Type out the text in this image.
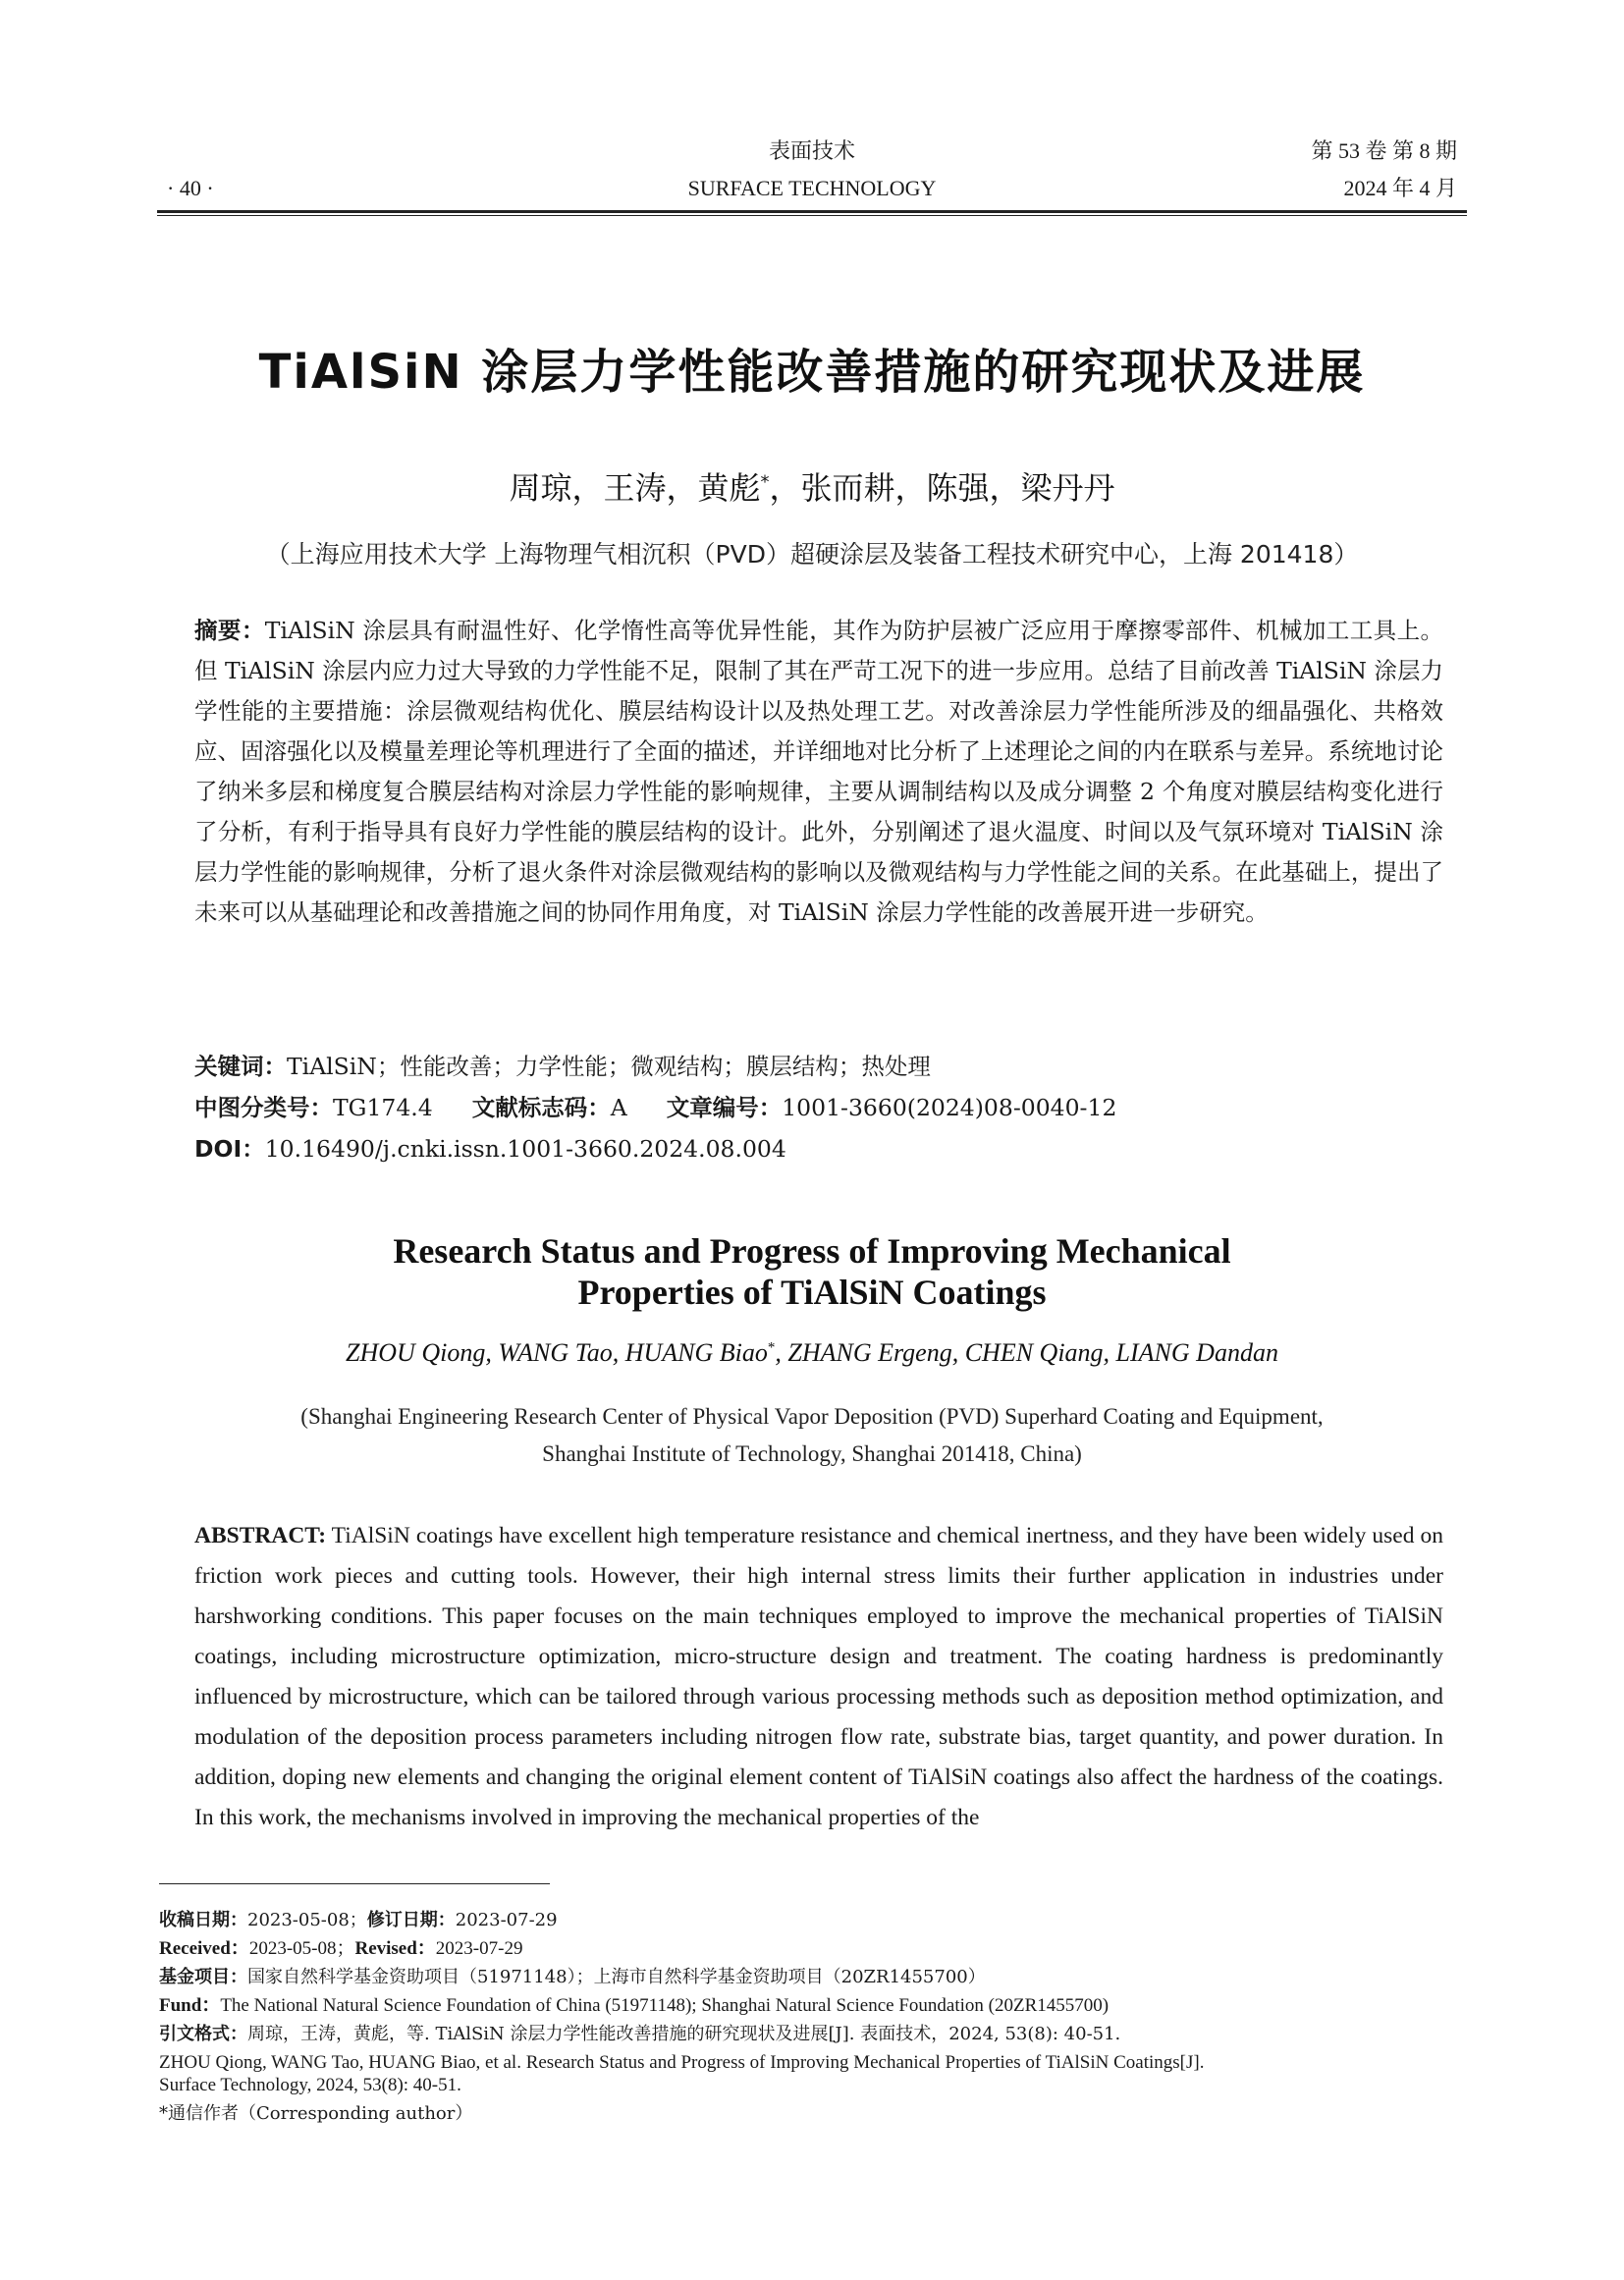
· 40 ·
表面技术
SURFACE TECHNOLOGY
第 53 卷 第 8 期
2024 年 4 月
TiAlSiN 涂层力学性能改善措施的研究现状及进展
周琼，王涛，黄彪*，张而耕，陈强，梁丹丹
（上海应用技术大学 上海物理气相沉积（PVD）超硬涂层及装备工程技术研究中心，上海 201418）
摘要：TiAlSiN 涂层具有耐温性好、化学惰性高等优异性能，其作为防护层被广泛应用于摩擦零部件、机械加工工具上。但 TiAlSiN 涂层内应力过大导致的力学性能不足，限制了其在严苛工况下的进一步应用。总结了目前改善 TiAlSiN 涂层力学性能的主要措施：涂层微观结构优化、膜层结构设计以及热处理工艺。对改善涂层力学性能所涉及的细晶强化、共格效应、固溶强化以及模量差理论等机理进行了全面的描述，并详细地对比分析了上述理论之间的内在联系与差异。系统地讨论了纳米多层和梯度复合膜层结构对涂层力学性能的影响规律，主要从调制结构以及成分调整 2 个角度对膜层结构变化进行了分析，有利于指导具有良好力学性能的膜层结构的设计。此外，分别阐述了退火温度、时间以及气氛环境对 TiAlSiN 涂层力学性能的影响规律，分析了退火条件对涂层微观结构的影响以及微观结构与力学性能之间的关系。在此基础上，提出了未来可以从基础理论和改善措施之间的协同作用角度，对 TiAlSiN 涂层力学性能的改善展开进一步研究。
关键词：TiAlSiN；性能改善；力学性能；微观结构；膜层结构；热处理
中图分类号：TG174.4 文献标志码：A 文章编号：1001-3660(2024)08-0040-12
DOI：10.16490/j.cnki.issn.1001-3660.2024.08.004
Research Status and Progress of Improving Mechanical
Properties of TiAlSiN Coatings
ZHOU Qiong, WANG Tao, HUANG Biao*, ZHANG Ergeng, CHEN Qiang, LIANG Dandan
(Shanghai Engineering Research Center of Physical Vapor Deposition (PVD) Superhard Coating and Equipment,
Shanghai Institute of Technology, Shanghai 201418, China)
ABSTRACT: TiAlSiN coatings have excellent high temperature resistance and chemical inertness, and they have been widely used on friction work pieces and cutting tools. However, their high internal stress limits their further application in industries under harshworking conditions. This paper focuses on the main techniques employed to improve the mechanical properties of TiAlSiN coatings, including microstructure optimization, micro-structure design and treatment. The coating hardness is predominantly influenced by microstructure, which can be tailored through various processing methods such as deposition method optimization, and modulation of the deposition process parameters including nitrogen flow rate, substrate bias, target quantity, and power duration. In addition, doping new elements and changing the original element content of TiAlSiN coatings also affect the hardness of the coatings. In this work, the mechanisms involved in improving the mechanical properties of the
收稿日期：2023-05-08；修订日期：2023-07-29
Received：2023-05-08；Revised：2023-07-29
基金项目：国家自然科学基金资助项目（51971148）；上海市自然科学基金资助项目（20ZR1455700）
Fund：The National Natural Science Foundation of China (51971148); Shanghai Natural Science Foundation (20ZR1455700)
引文格式：周琼，王涛，黄彪，等. TiAlSiN 涂层力学性能改善措施的研究现状及进展[J]. 表面技术，2024, 53(8): 40-51.
ZHOU Qiong, WANG Tao, HUANG Biao, et al. Research Status and Progress of Improving Mechanical Properties of TiAlSiN Coatings[J].
Surface Technology, 2024, 53(8): 40-51.
*通信作者（Corresponding author）
